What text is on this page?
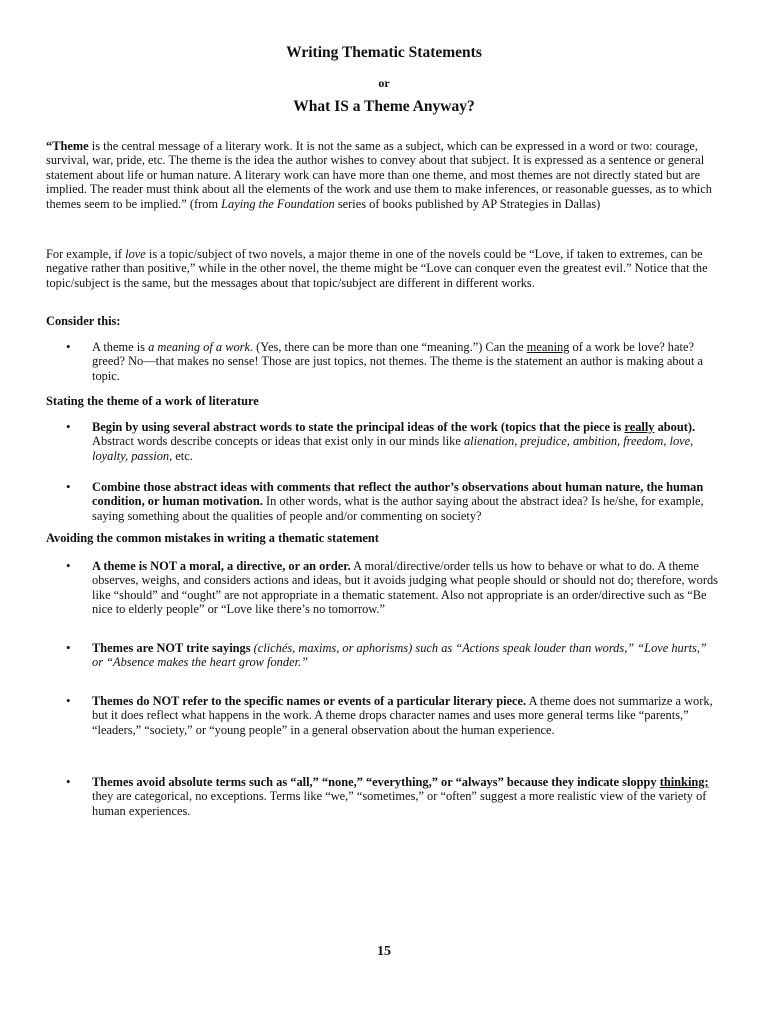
Writing Thematic Statements
or
What IS a Theme Anyway?
“Theme is the central message of a literary work. It is not the same as a subject, which can be expressed in a word or two: courage, survival, war, pride, etc. The theme is the idea the author wishes to convey about that subject. It is expressed as a sentence or general statement about life or human nature. A literary work can have more than one theme, and most themes are not directly stated but are implied. The reader must think about all the elements of the work and use them to make inferences, or reasonable guesses, as to which themes seem to be implied.” (from Laying the Foundation series of books published by AP Strategies in Dallas)
For example, if love is a topic/subject of two novels, a major theme in one of the novels could be “Love, if taken to extremes, can be negative rather than positive,” while in the other novel, the theme might be “Love can conquer even the greatest evil.” Notice that the topic/subject is the same, but the messages about that topic/subject are different in different works.
Consider this:
• A theme is a meaning of a work. (Yes, there can be more than one “meaning.”) Can the meaning of a work be love? hate? greed? No—that makes no sense! Those are just topics, not themes. The theme is the statement an author is making about a topic.
Stating the theme of a work of literature
• Begin by using several abstract words to state the principal ideas of the work (topics that the piece is really about). Abstract words describe concepts or ideas that exist only in our minds like alienation, prejudice, ambition, freedom, love, loyalty, passion, etc.
• Combine those abstract ideas with comments that reflect the author’s observations about human nature, the human condition, or human motivation. In other words, what is the author saying about the abstract idea? Is he/she, for example, saying something about the qualities of people and/or commenting on society?
Avoiding the common mistakes in writing a thematic statement
• A theme is NOT a moral, a directive, or an order. A moral/directive/order tells us how to behave or what to do. A theme observes, weighs, and considers actions and ideas, but it avoids judging what people should or should not do; therefore, words like “should” and “ought” are not appropriate in a thematic statement. Also not appropriate is an order/directive such as “Be nice to elderly people” or “Love like there’s no tomorrow.”
• Themes are NOT trite sayings (clichés, maxims, or aphorisms) such as “Actions speak louder than words,” “Love hurts,” or “Absence makes the heart grow fonder.”
• Themes do NOT refer to the specific names or events of a particular literary piece. A theme does not summarize a work, but it does reflect what happens in the work. A theme drops character names and uses more general terms like “parents,” “leaders,” “society,” or “young people” in a general observation about the human experience.
• Themes avoid absolute terms such as “all,” “none,” “everything,” or “always” because they indicate sloppy thinking; they are categorical, no exceptions. Terms like “we,” “sometimes,” or “often” suggest a more realistic view of the variety of human experiences.
15
